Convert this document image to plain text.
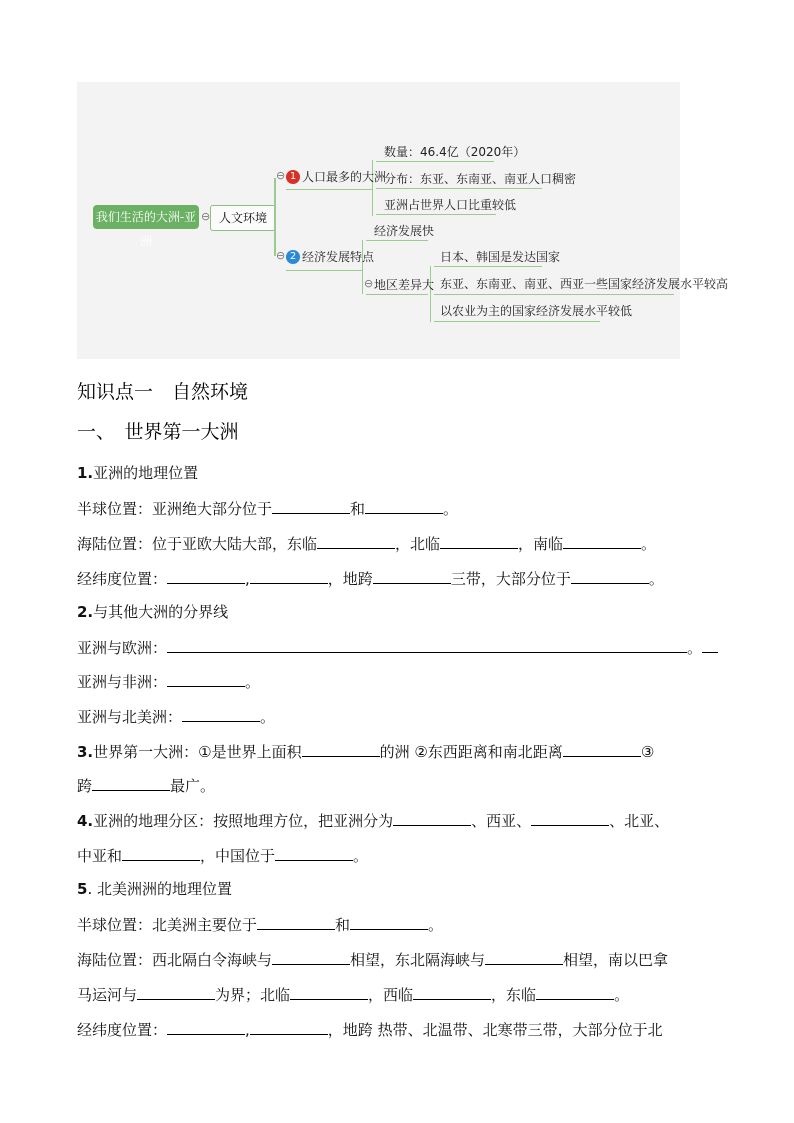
我们生活的大洲-亚洲
⊖ 人文环境
⊖
⊖
1 人口最多的大洲
2 经济发展特点
数量：46.4亿（2020年）
分布：东亚、东南亚、南亚人口稠密
亚洲占世界人口比重较低
经济发展快
⊖ 地区差异大
日本、韩国是发达国家
东亚、东南亚、南亚、西亚一些国家经济发展水平较高
以农业为主的国家经济发展水平较低
知识点一　自然环境
一、　世界第一大洲
1.亚洲的地理位置
半球位置：亚洲绝大部分位于	和	。
海陆位置：位于亚欧大陆大部，东临	，北临	，南临	。
经纬度位置：	,	，地跨	三带，大部分位于	。
2.与其他大洲的分界线
亚洲与欧洲：	。
亚洲与非洲：	。
亚洲与北美洲：	。
3.世界第一大洲：①是世界上面积	的洲 ②东西距离和南北距离	③
跨	最广。
4.亚洲的地理分区：按照地理方位，把亚洲分为	、西亚、	、北亚、
中亚和	，中国位于	。
5. 北美洲洲的地理位置
半球位置：北美洲主要位于	和	。
海陆位置：西北隔白令海峡与	相望，东北隔海峡与	相望，南以巴拿
马运河与	为界；北临	，西临	，东临	。
经纬度位置：	,	，地跨 热带、北温带、北寒带三带，大部分位于北
